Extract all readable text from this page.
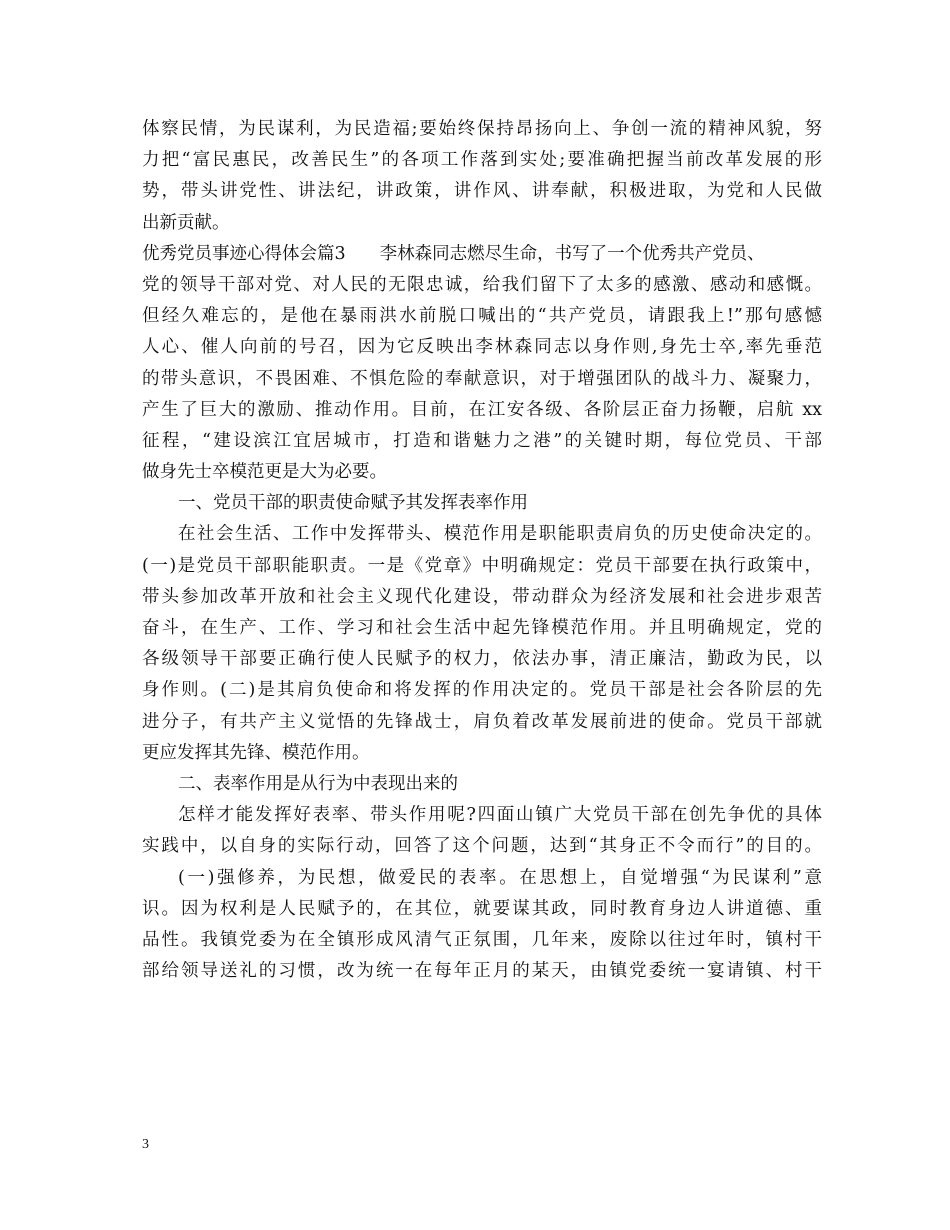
体察民情，为民谋利，为民造福;要始终保持昂扬向上、争创一流的精神风貌，努
力把“富民惠民，改善民生”的各项工作落到实处;要准确把握当前改革发展的形
势，带头讲党性、讲法纪，讲政策，讲作风、讲奉献，积极进取，为党和人民做
出新贡献。
优秀党员事迹心得体会篇3 李林森同志燃尽生命，书写了一个优秀共产党员、
党的领导干部对党、对人民的无限忠诚，给我们留下了太多的感激、感动和感慨。
但经久难忘的，是他在暴雨洪水前脱口喊出的“共产党员，请跟我上!”那句感憾
人心、催人向前的号召，因为它反映出李林森同志以身作则,身先士卒,率先垂范
的带头意识，不畏困难、不惧危险的奉献意识，对于增强团队的战斗力、凝聚力，
产生了巨大的激励、推动作用。目前，在江安各级、各阶层正奋力扬鞭，启航 xx
征程，“建设滨江宜居城市，打造和谐魅力之港”的关键时期，每位党员、干部
做身先士卒模范更是大为必要。
一、党员干部的职责使命赋予其发挥表率作用
在社会生活、工作中发挥带头、模范作用是职能职责肩负的历史使命决定的。
(一)是党员干部职能职责。一是《党章》中明确规定：党员干部要在执行政策中，
带头参加改革开放和社会主义现代化建设，带动群众为经济发展和社会进步艰苦
奋斗，在生产、工作、学习和社会生活中起先锋模范作用。并且明确规定，党的
各级领导干部要正确行使人民赋予的权力，依法办事，清正廉洁，勤政为民，以
身作则。(二)是其肩负使命和将发挥的作用决定的。党员干部是社会各阶层的先
进分子，有共产主义觉悟的先锋战士，肩负着改革发展前进的使命。党员干部就
更应发挥其先锋、模范作用。
二、表率作用是从行为中表现出来的
怎样才能发挥好表率、带头作用呢?四面山镇广大党员干部在创先争优的具体
实践中，以自身的实际行动，回答了这个问题，达到“其身正不令而行”的目的。
(一)强修养，为民想，做爱民的表率。在思想上，自觉增强“为民谋利”意
识。因为权利是人民赋予的，在其位，就要谋其政，同时教育身边人讲道德、重
品性。我镇党委为在全镇形成风清气正氛围，几年来，废除以往过年时，镇村干
部给领导送礼的习惯，改为统一在每年正月的某天，由镇党委统一宴请镇、村干
3
